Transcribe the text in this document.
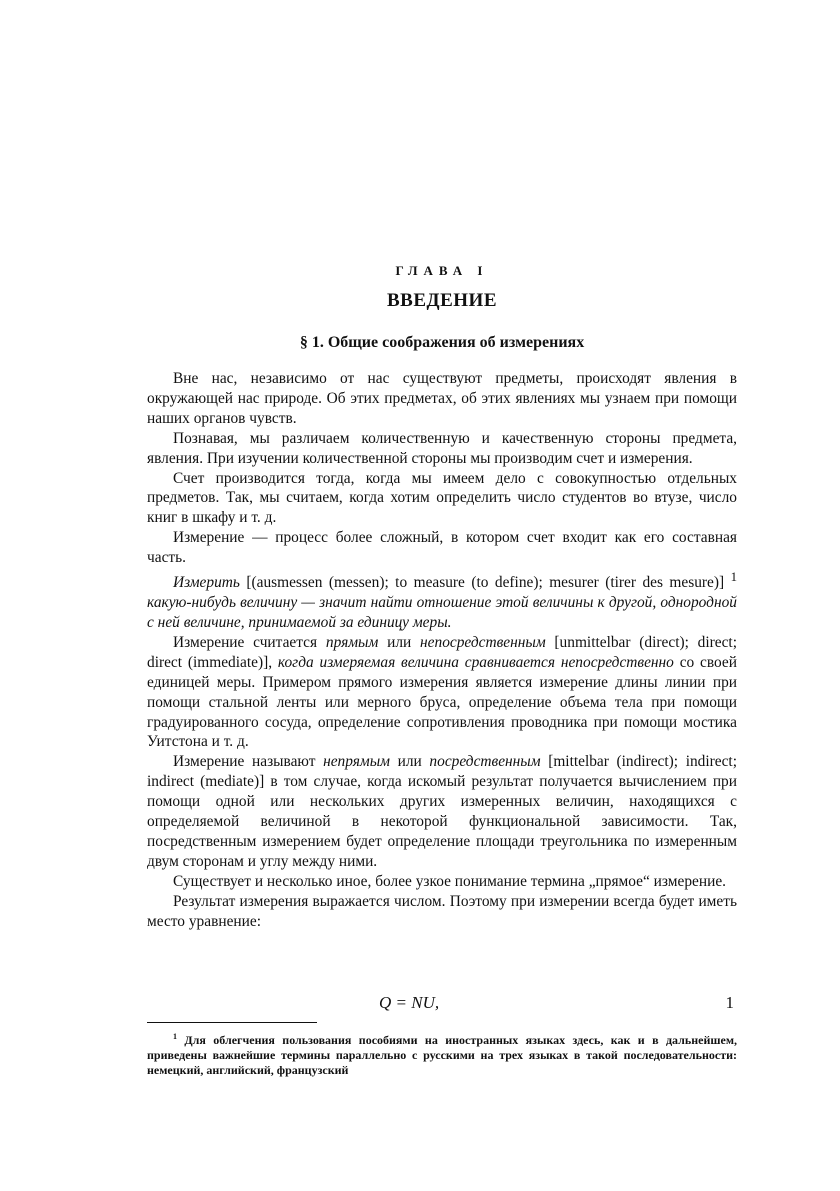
ГЛАВА I
ВВЕДЕНИЕ
§ 1. Общие соображения об измерениях

Вне нас, независимо от нас существуют предметы, происходят явления в окружающей нас природе. Об этих предметах, об этих явлениях мы узнаем при помощи наших органов чувств.

Познавая, мы различаем количественную и качественную стороны предмета, явления. При изучении количественной стороны мы производим счет и измерения.

Счет производится тогда, когда мы имеем дело с совокупностью отдельных предметов. Так, мы считаем, когда хотим определить число студентов во втузе, число книг в шкафу и т. д.

Измерение — процесс более сложный, в котором счет входит как его составная часть.

Измерить [(ausmessen (messen); to measure (to define); mesurer (tirer des mesure)] $^1$ какую-нибудь величину — значит найти отношение этой величины к другой, однородной с ней величине, принимаемой за единицу меры.

Измерение считается прямым или непосредственным [unmittelbar (direct); direct; direct (immediate)], когда измеряемая величина сравнивается непосредственно со своей единицей меры. Примером прямого измерения является измерение длины линии при помощи стальной ленты или мерного бруса, определение объема тела при помощи градуированного сосуда, определение сопротивления проводника при помощи мостика Уитстона и т. д.

Измерение называют непрямым или посредственным [mittelbar (indirect); indirect; indirect (mediate)] в том случае, когда искомый результат получается вычислением при помощи одной или нескольких других измеренных величин, находящихся с определяемой величиной в некоторой функциональной зависимости. Так, посредственным измерением будет определение площади треугольника по измеренным двум сторонам и углу между ними.

Существует и несколько иное, более узкое понимание термина „прямое“ измерение.

Результат измерения выражается числом. Поэтому при измерении всегда будет иметь место уравнение:

Q = NU,	1
$^1$ Для облегчения пользования пособиями на иностранных языках здесь, как и в дальнейшем, приведены важнейшие термины параллельно с русскими на трех языках в такой последовательности: немецкий, английский, французский
